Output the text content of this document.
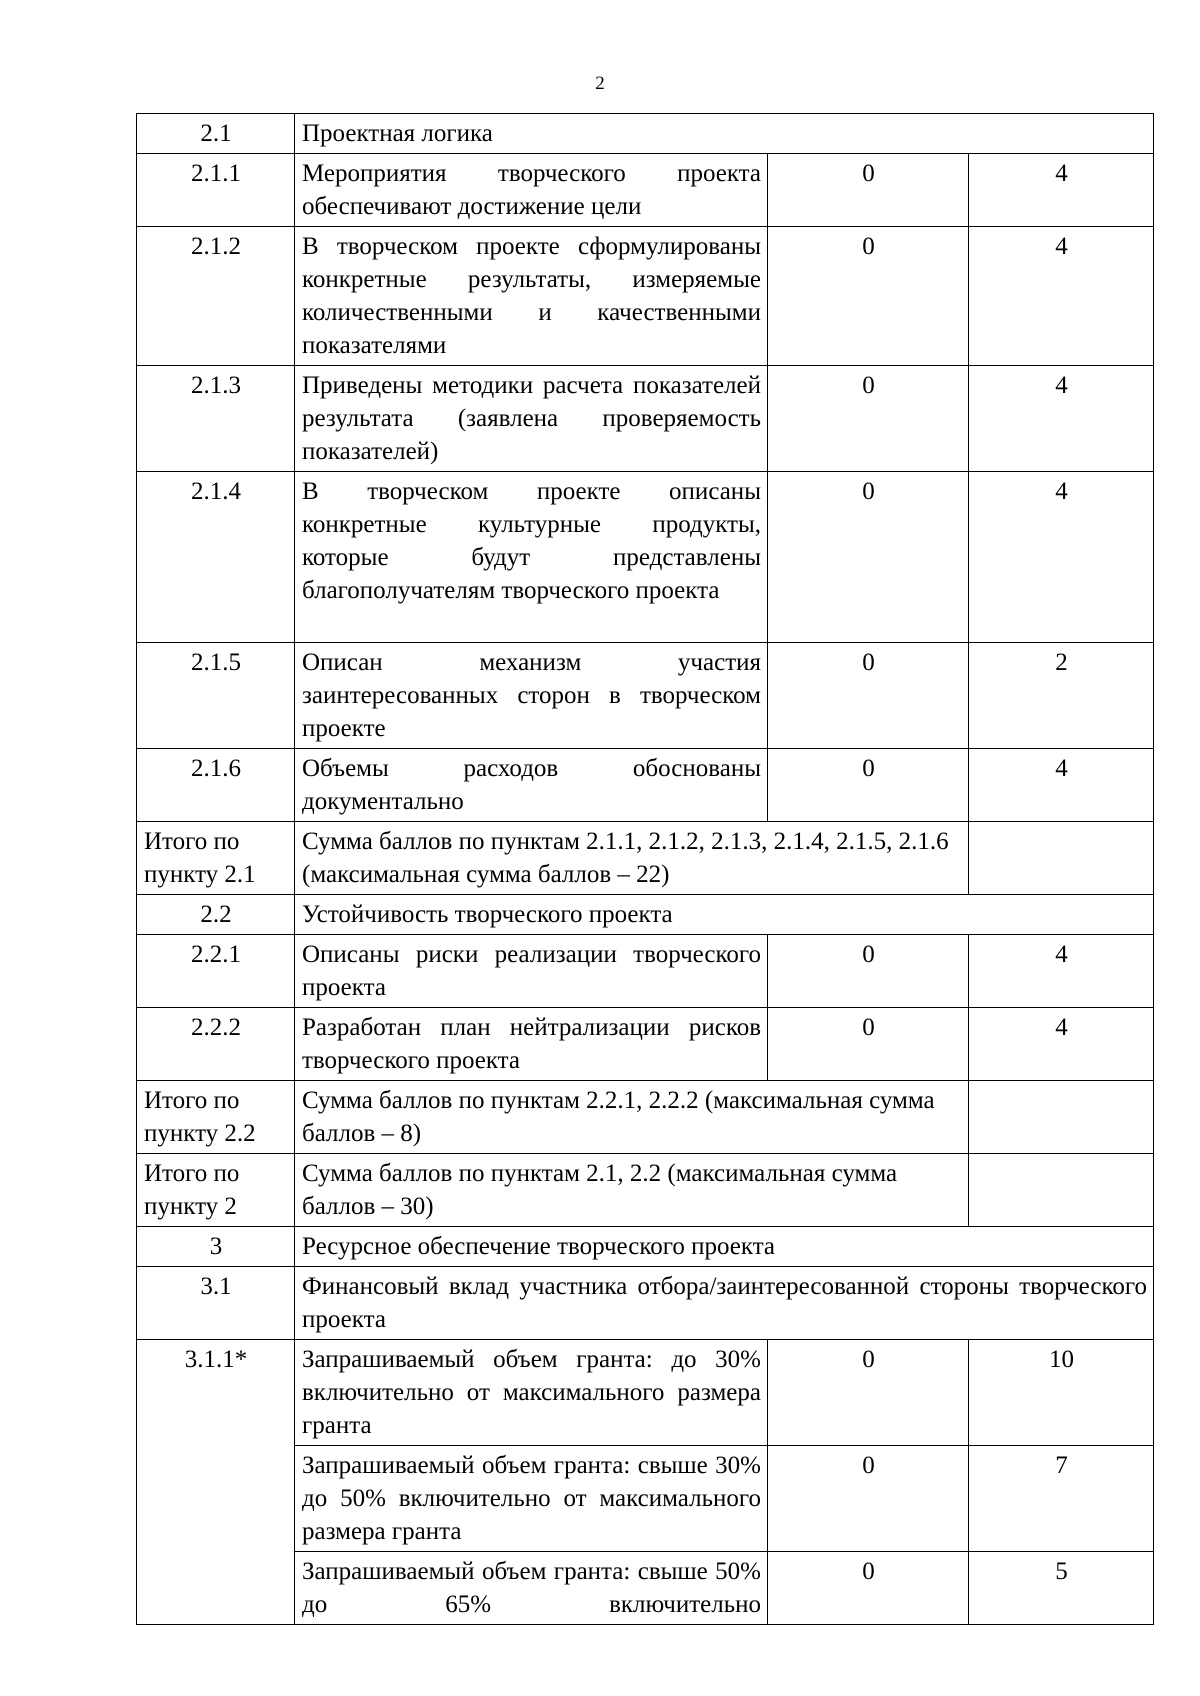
2
2.1	Проектная логика		
2.1.1	Мероприятия творческого проекта обеспечивают достижение цели	0	4
2.1.2	В творческом проекте сформулированы конкретные результаты, измеряемые количественными и качественными показателями	0	4
2.1.3	Приведены методики расчета показателей результата (заявлена проверяемость показателей)	0	4
2.1.4	В творческом проекте описаны конкретные культурные продукты, которые будут представлены благополучателям творческого проекта	0	4
2.1.5	Описан механизм участия заинтересованных сторон в творческом проекте	0	2
2.1.6	Объемы расходов обоснованы документально	0	4
Итого по пункту 2.1	Сумма баллов по пунктам 2.1.1, 2.1.2, 2.1.3, 2.1.4, 2.1.5, 2.1.6 (максимальная сумма баллов – 22)		
2.2	Устойчивость творческого проекта		
2.2.1	Описаны риски реализации творческого проекта	0	4
2.2.2	Разработан план нейтрализации рисков творческого проекта	0	4
Итого по пункту 2.2	Сумма баллов по пунктам 2.2.1, 2.2.2 (максимальная сумма баллов – 8)		
Итого по пункту 2	Сумма баллов по пунктам 2.1, 2.2 (максимальная сумма баллов – 30)		
3	Ресурсное обеспечение творческого проекта		
3.1	Финансовый вклад участника отбора/заинтересованной стороны творческого проекта		
3.1.1*	Запрашиваемый объем гранта: до 30% включительно от максимального размера гранта	0	10
	Запрашиваемый объем гранта: свыше 30% до 50% включительно от максимального размера гранта	0	7
	Запрашиваемый объем гранта: свыше 50% до 65% включительно	0	5
